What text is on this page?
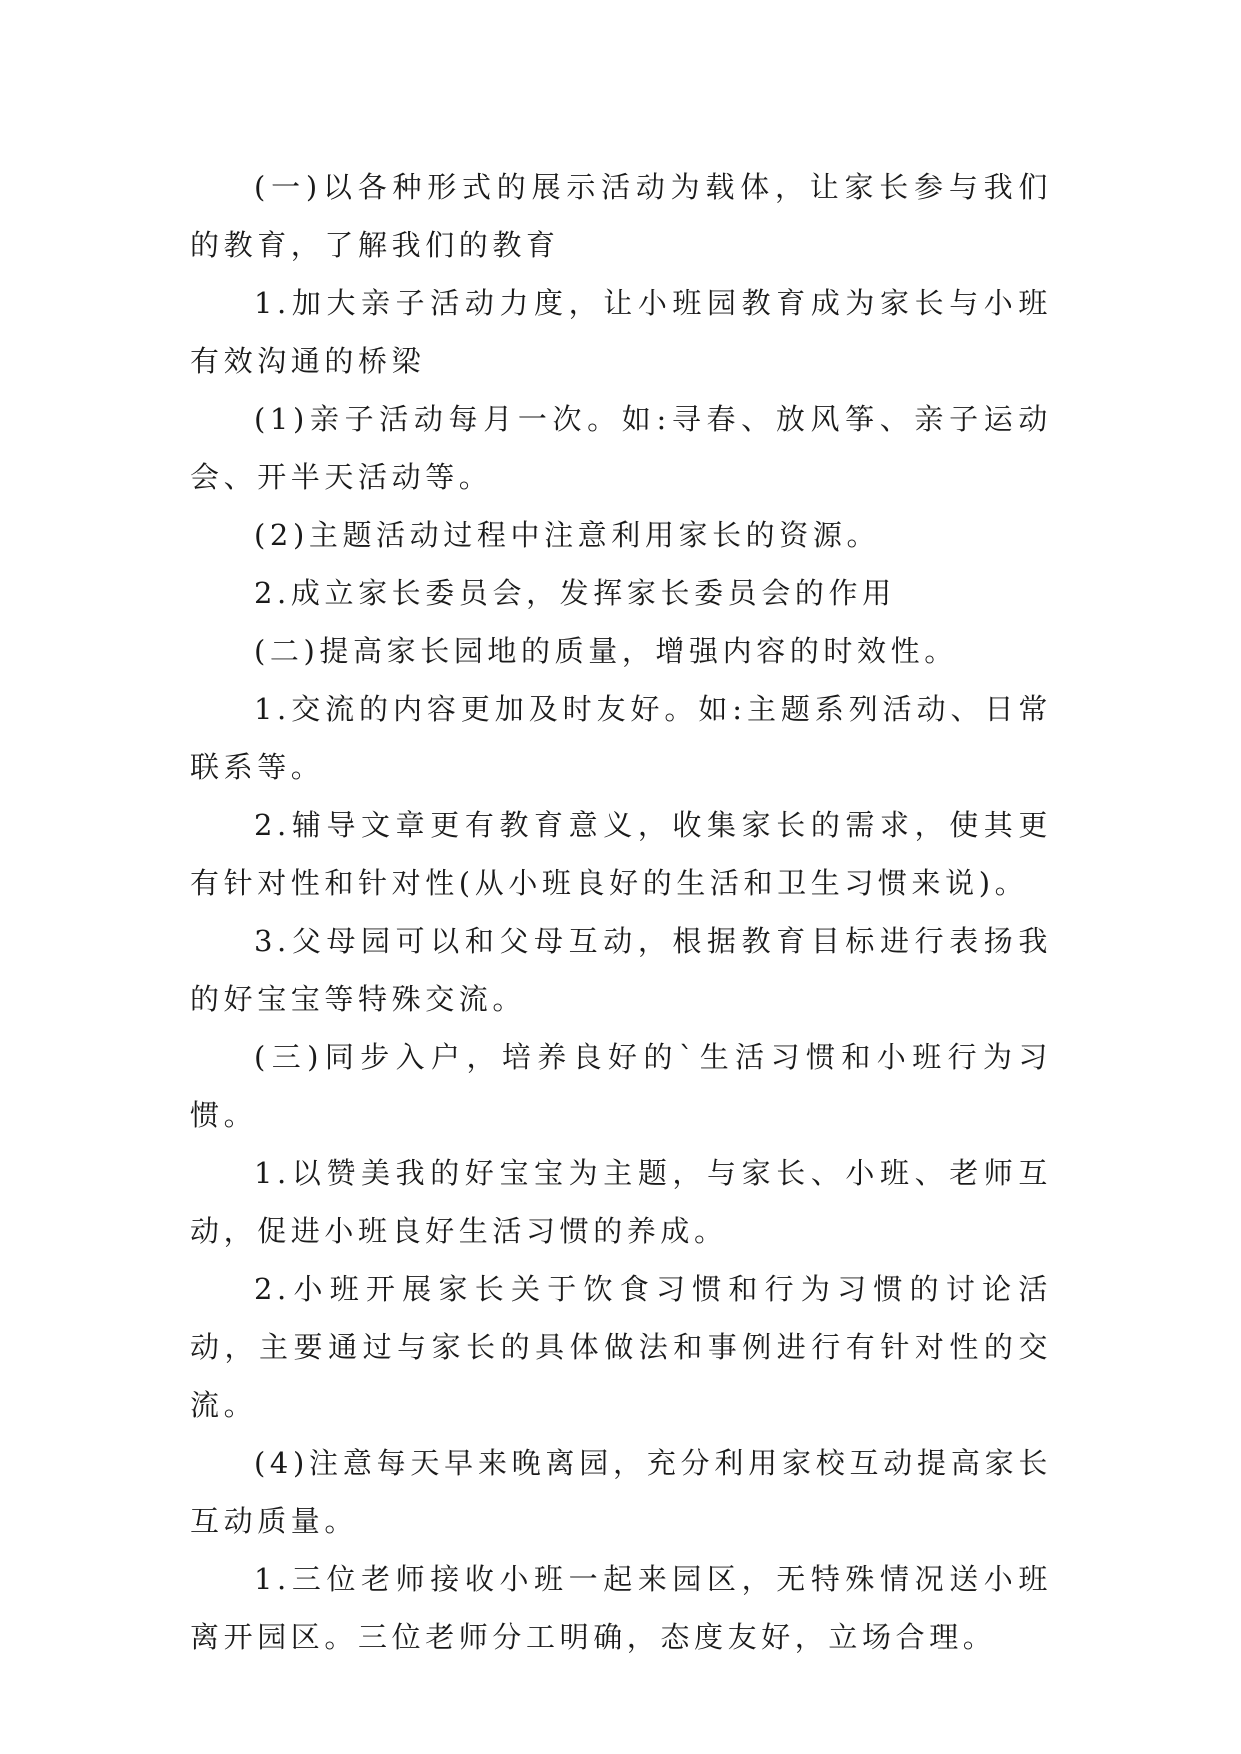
(一)以各种形式的展示活动为载体，让家长参与我们的教育，了解我们的教育

1.加大亲子活动力度，让小班园教育成为家长与小班有效沟通的桥梁

(1)亲子活动每月一次。如:寻春、放风筝、亲子运动会、开半天活动等。

(2)主题活动过程中注意利用家长的资源。

2.成立家长委员会，发挥家长委员会的作用

(二)提高家长园地的质量，增强内容的时效性。

1.交流的内容更加及时友好。如:主题系列活动、日常联系等。

2.辅导文章更有教育意义，收集家长的需求，使其更有针对性和针对性(从小班良好的生活和卫生习惯来说)。

3.父母园可以和父母互动，根据教育目标进行表扬我的好宝宝等特殊交流。

(三)同步入户，培养良好的`生活习惯和小班行为习惯。

1.以赞美我的好宝宝为主题，与家长、小班、老师互动，促进小班良好生活习惯的养成。

2.小班开展家长关于饮食习惯和行为习惯的讨论活动，主要通过与家长的具体做法和事例进行有针对性的交流。

(4)注意每天早来晚离园，充分利用家校互动提高家长互动质量。

1.三位老师接收小班一起来园区，无特殊情况送小班离开园区。三位老师分工明确，态度友好，立场合理。
